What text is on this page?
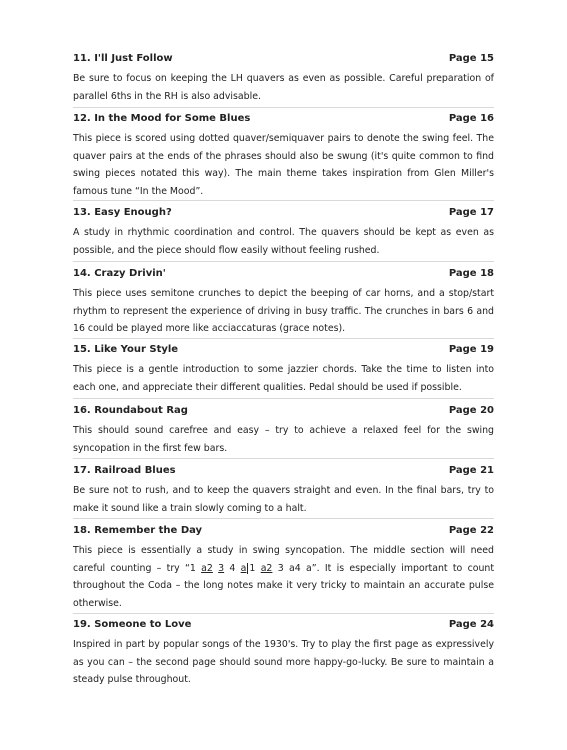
11. I'll Just Follow	Page 15
Be sure to focus on keeping the LH quavers as even as possible. Careful preparation of parallel 6ths in the RH is also advisable.
12. In the Mood for Some Blues	Page 16
This piece is scored using dotted quaver/semiquaver pairs to denote the swing feel. The quaver pairs at the ends of the phrases should also be swung (it's quite common to find swing pieces notated this way). The main theme takes inspiration from Glen Miller's famous tune “In the Mood”.
13. Easy Enough?	Page 17
A study in rhythmic coordination and control. The quavers should be kept as even as possible, and the piece should flow easily without feeling rushed.
14. Crazy Drivin'	Page 18
This piece uses semitone crunches to depict the beeping of car horns, and a stop/start rhythm to represent the experience of driving in busy traffic. The crunches in bars 6 and 16 could be played more like acciaccaturas (grace notes).
15. Like Your Style	Page 19
This piece is a gentle introduction to some jazzier chords. Take the time to listen into each one, and appreciate their different qualities. Pedal should be used if possible.
16. Roundabout Rag	Page 20
This should sound carefree and easy – try to achieve a relaxed feel for the swing syncopation in the first few bars.
17. Railroad Blues	Page 21
Be sure not to rush, and to keep the quavers straight and even. In the final bars, try to make it sound like a train slowly coming to a halt.
18. Remember the Day	Page 22
This piece is essentially a study in swing syncopation. The middle section will need careful counting – try “1 a2 3 4 a 1 a2 3 a4 a”. It is especially important to count throughout the Coda – the long notes make it very tricky to maintain an accurate pulse otherwise.
19. Someone to Love	Page 24
Inspired in part by popular songs of the 1930's. Try to play the first page as expressively as you can – the second page should sound more happy-go-lucky. Be sure to maintain a steady pulse throughout.
